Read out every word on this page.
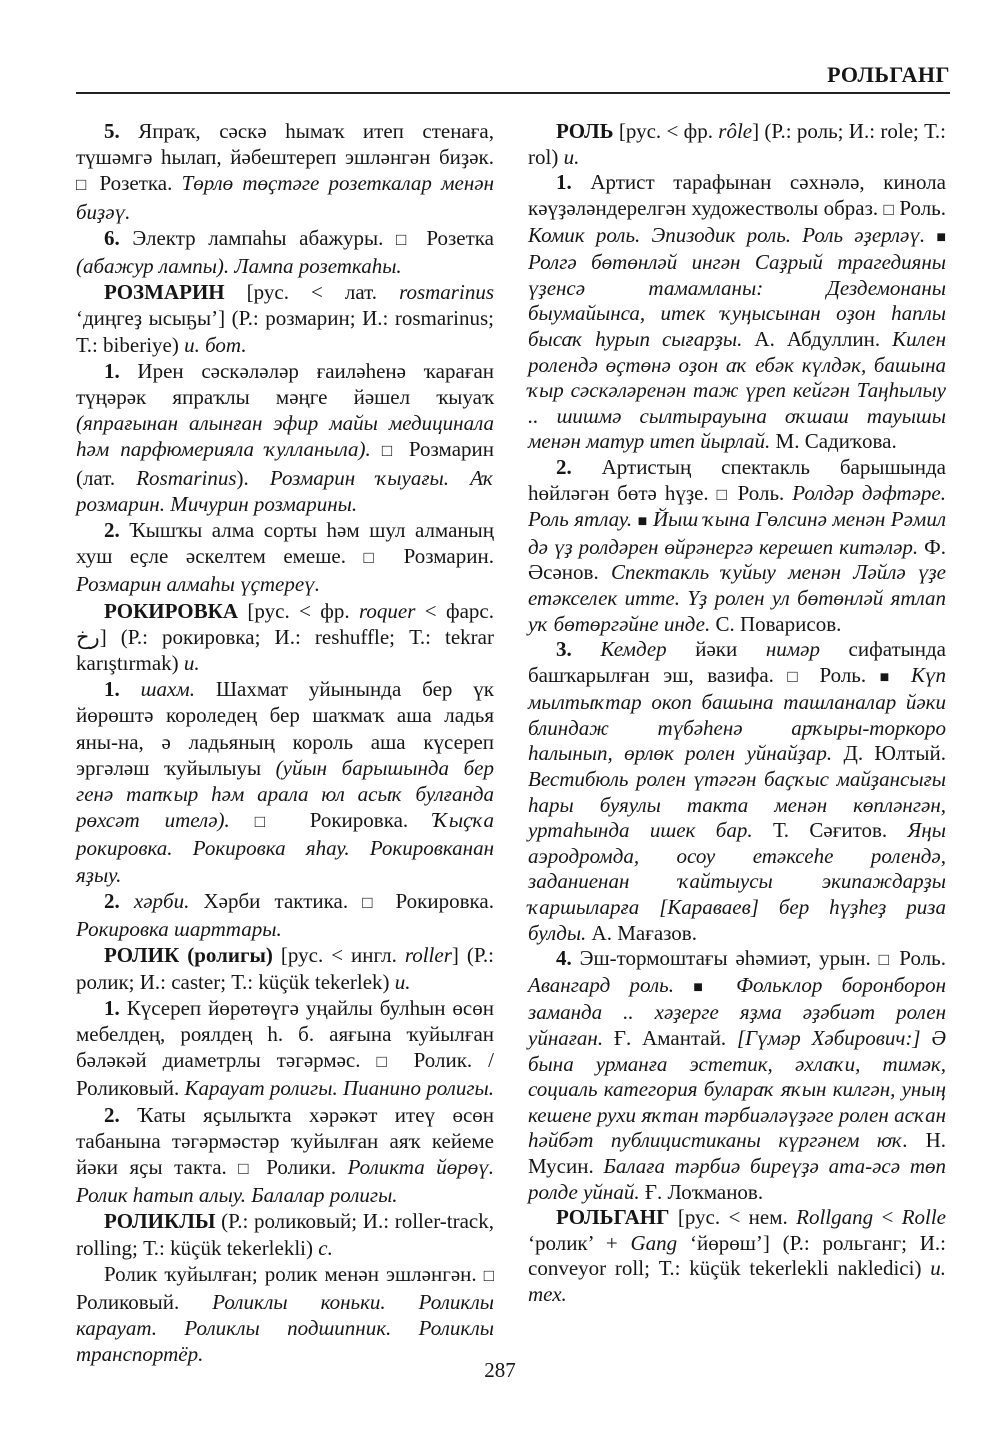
РОЛЬГАНГ

5. Япраҡ, сәскә һымаҡ итеп стенаға, түшәмгә һылап, йәбештереп эшләнгән биҙәк. □ Розетка. Төрлө төҫтәге розеткалар менән биҙәү.

6. Электр лампаһы абажуры. □ Розетка (абажур лампы). Лампа розеткаһы.

РОЗМАРИН [рус. < лат. rosmarinus ‘диңгеҙ ысыҕы’] (Р.: розмарин; И.: rosmarinus; Т.: biberiye) и. бот.

1. Ирен сәскәләләр ғаиләһенә ҡараған түңәрәк япраҡлы мәңге йәшел ҡыуаҡ (япрағынан алынған эфир майы медицинала һәм парфюмерияла ҡулланыла). □ Розмарин (лат. Rosmarinus). Розмарин ҡыуағы. Аҡ розмарин. Мичурин розмарины.

2. Ҡышҡы алма сорты һәм шул алманың хуш еҫле әскелтем емеше. □ Розмарин. Розмарин алмаһы үҫтереү.

РОКИРОВКА [рус. < фр. roquer < фарс. رخ] (Р.: рокировка; И.: reshuffle; Т.: tekrar karıştırmak) и.

1. шахм. Шахмат уйынында бер үк йөрөштә короледең бер шаҡмаҡ аша ладья яны-на, ә ладьяның король аша күсереп эргәләш ҡуйылыуы (уйын барышында бер генә тапҡыр һәм арала юл асыҡ булғанда рөхсәт ителә). □ Рокировка. Ҡыҫҡа рокировка. Рокировка яһау. Рокировканан яҙыу.

2. хәрби. Хәрби тактика. □ Рокировка. Рокировка шарттары.

РОЛИК (ролигы) [рус. < ингл. roller] (Р.: ролик; И.: caster; Т.: küçük tekerlek) и.

1. Күсереп йөрөтөүгә уңайлы булһын өсөн мебелдең, роялдең һ. б. аяғына ҡуйылған бәләкәй диаметрлы тәгәрмәс. □ Ролик. / Роликовый. Карауат ролигы. Пианино ролигы.

2. Ҡаты яҫылыҡта хәрәкәт итеү өсөн табанына тәгәрмәстәр ҡуйылған аяҡ кейеме йәки яҫы такта. □ Ролики. Роликта йөрөү. Ролик һатып алыу. Балалар ролигы.

РОЛИКЛЫ (Р.: роликовый; И.: roller-track, rolling; Т.: küçük tekerlekli) с.

Ролик ҡуйылған; ролик менән эшләнгән. □ Роликовый. Роликлы коньки. Роликлы карауат. Роликлы подшипник. Роликлы транспортёр.

РОЛЬ [рус. < фр. rôle] (Р.: роль; И.: role; Т.: rol) и.

1. Артист тарафынан сәхнәлә, кинола кәүҙәләндерелгән художестволы образ. □ Роль. Комик роль. Эпизодик роль. Роль әҙерләү. ■ Ролгә бөтөнләй ингән Саҙрый трагедияны үҙенсә тамамланы: Дездемонаны быумайынса, итек ҡуңысынан оҙон һаплы бысаҡ һурып сығарҙы. А. Абдуллин. Килен ролендә өҫтөнә оҙон аҡ ебәк күлдәк, башына ҡыр сәскәләренән таж үреп кейгән Таңһылыу .. шишмә сылтырауына оҡшаш тауышы менән матур итеп йырлай. М. Садиҡова.

2. Артистың спектакль барышында һөйләгән бөтә һүҙе. □ Роль. Ролдәр дәфтәре. Роль ятлау. ■ Йыш ҡына Гөлсинә менән Рәмил дә үҙ ролдәрен өйрәнергә керешеп китәләр. Ф. Әсәнов. Спектакль ҡуйыу менән Ләйлә үҙе етәкселек итте. Үҙ ролен ул бөтөнләй ятлап уҡ бөтөргәйне инде. С. Поварисов.

3. Кемдер йәки нимәр сифатында башҡарылған эш, вазифа. □ Роль. ■ Күп мылтыҡтар окоп башына ташланалар йәки блиндаж түбәһенә арҡыры-торкоро һалынып, өрлөк ролен уйнайҙар. Д. Юлтый. Вестибюль ролен үтәгән баҫҡыс майҙансығы һары буяулы такта менән көпләнгән, уртаһында ишек бар. Т. Сәғитов. Яңы аэродромда, осоу етәксеһе ролендә, заданиенан ҡайтыусы экипаждарҙы ҡаршыларға [Караваев] бер һүҙһеҙ риза булды. А. Мағазов.

4. Эш-тормоштағы әһәмиәт, урын. □ Роль. Авангард роль. ■ Фольклор боронборон заманда .. хәҙерге яҙма әҙәбиәт ролен уйнаған. Ғ. Амантай. [Гүмәр Хәбирович:] Ә бына урманға эстетик, әхлаҡи, тимәк, социаль категория булараҡ яҡын килгән, уның кешене рухи яҡтан тәрбиәләүҙәге ролен асҡан һәйбәт публицистиканы күргәнем юҡ. Н. Мусин. Балаға тәрбиә биреүҙә ата-әсә төп ролде уйнай. Ғ. Лоҡманов.

РОЛЬГАНГ [рус. < нем. Rollgang < Rolle ‘ролик’ + Gang ‘йөрөш’] (Р.: рольганг; И.: conveyor roll; Т.: küçük tekerlekli nakledici) и. тех.

287
